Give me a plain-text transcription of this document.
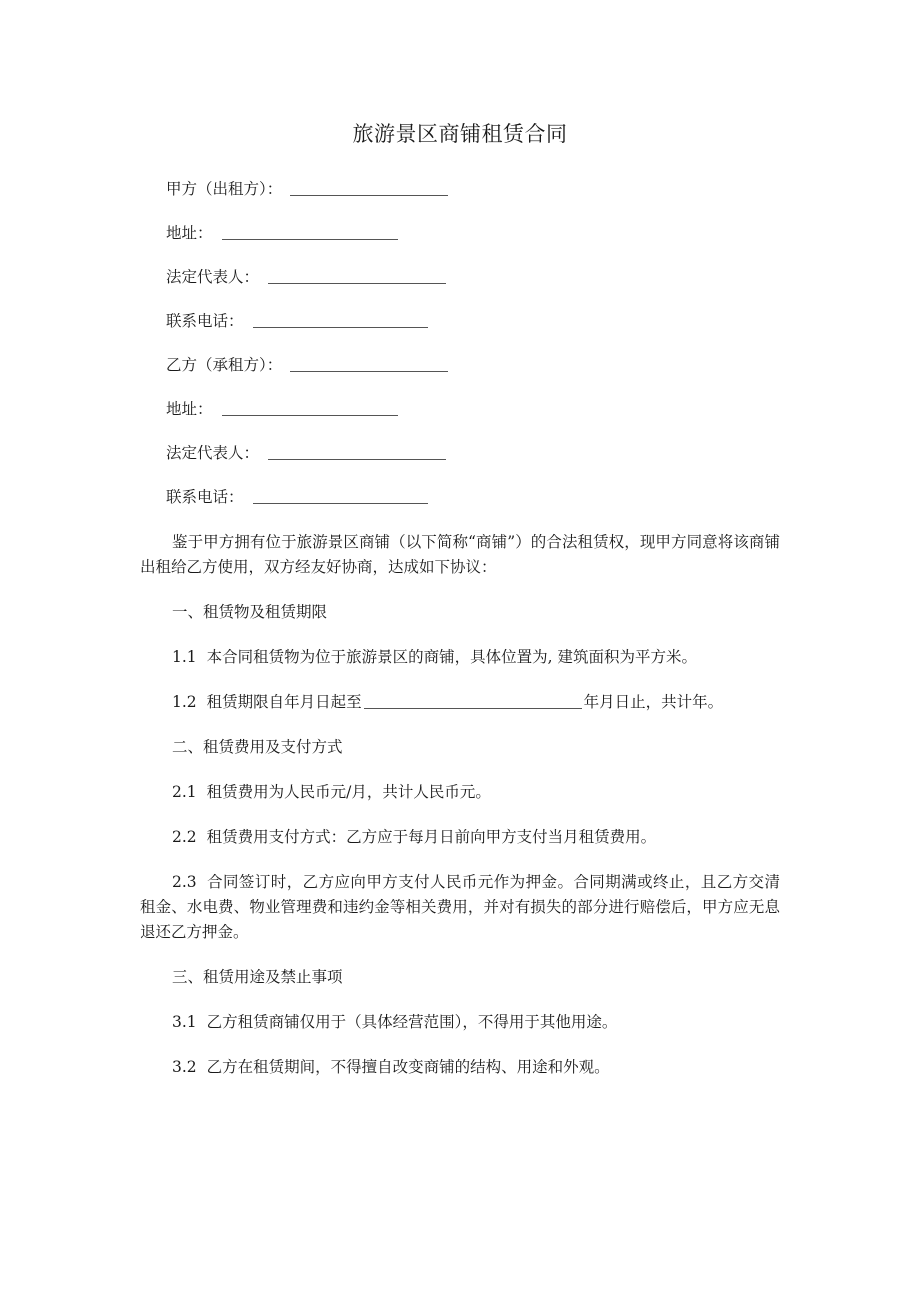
旅游景区商铺租赁合同
甲方（出租方）：
地址：
法定代表人：
联系电话：
乙方（承租方）：
地址：
法定代表人：
联系电话：

鉴于甲方拥有位于旅游景区商铺（以下简称“商铺”）的合法租赁权，现甲方同意将该商铺出租给乙方使用，双方经友好协商，达成如下协议：

一、租赁物及租赁期限

1.1 本合同租赁物为位于旅游景区的商铺，具体位置为, 建筑面积为平方米。

1.2 租赁期限自年月日起至	年月日止，共计年。

二、租赁费用及支付方式

2.1 租赁费用为人民币元/月，共计人民币元。

2.2 租赁费用支付方式：乙方应于每月日前向甲方支付当月租赁费用。

2.3 合同签订时，乙方应向甲方支付人民币元作为押金。合同期满或终止，且乙方交清租金、水电费、物业管理费和违约金等相关费用，并对有损失的部分进行赔偿后，甲方应无息退还乙方押金。

三、租赁用途及禁止事项

3.1 乙方租赁商铺仅用于（具体经营范围），不得用于其他用途。

3.2 乙方在租赁期间，不得擅自改变商铺的结构、用途和外观。
